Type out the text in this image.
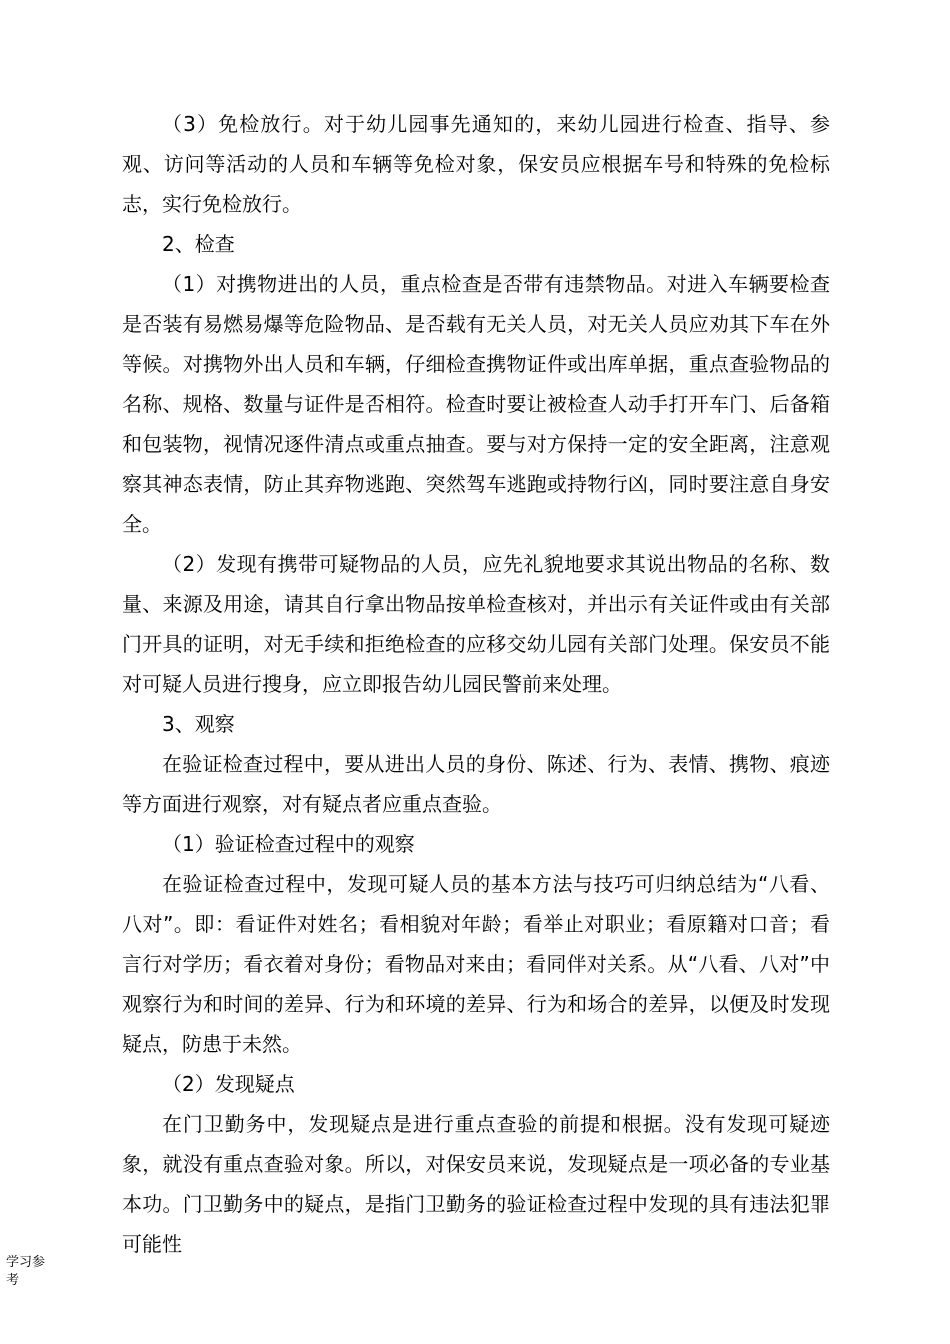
（3）免检放行。对于幼儿园事先通知的，来幼儿园进行检查、指导、参观、访问等活动的人员和车辆等免检对象，保安员应根据车号和特殊的免检标志，实行免检放行。

2、检查

（1）对携物进出的人员，重点检查是否带有违禁物品。对进入车辆要检查是否装有易燃易爆等危险物品、是否载有无关人员，对无关人员应劝其下车在外等候。对携物外出人员和车辆，仔细检查携物证件或出库单据，重点查验物品的名称、规格、数量与证件是否相符。检查时要让被检查人动手打开车门、后备箱和包装物，视情况逐件清点或重点抽查。要与对方保持一定的安全距离，注意观察其神态表情，防止其弃物逃跑、突然驾车逃跑或持物行凶，同时要注意自身安全。

（2）发现有携带可疑物品的人员，应先礼貌地要求其说出物品的名称、数量、来源及用途，请其自行拿出物品按单检查核对，并出示有关证件或由有关部门开具的证明，对无手续和拒绝检查的应移交幼儿园有关部门处理。保安员不能对可疑人员进行搜身，应立即报告幼儿园民警前来处理。

3、观察

在验证检查过程中，要从进出人员的身份、陈述、行为、表情、携物、痕迹等方面进行观察，对有疑点者应重点查验。

（1）验证检查过程中的观察

在验证检查过程中，发现可疑人员的基本方法与技巧可归纳总结为“八看、八对”。即：看证件对姓名；看相貌对年龄；看举止对职业；看原籍对口音；看言行对学历；看衣着对身份；看物品对来由；看同伴对关系。从“八看、八对”中观察行为和时间的差异、行为和环境的差异、行为和场合的差异，以便及时发现疑点，防患于未然。

（2）发现疑点

在门卫勤务中，发现疑点是进行重点查验的前提和根据。没有发现可疑迹象，就没有重点查验对象。所以，对保安员来说，发现疑点是一项必备的专业基本功。门卫勤务中的疑点，是指门卫勤务的验证检查过程中发现的具有违法犯罪可能性

学习参考
